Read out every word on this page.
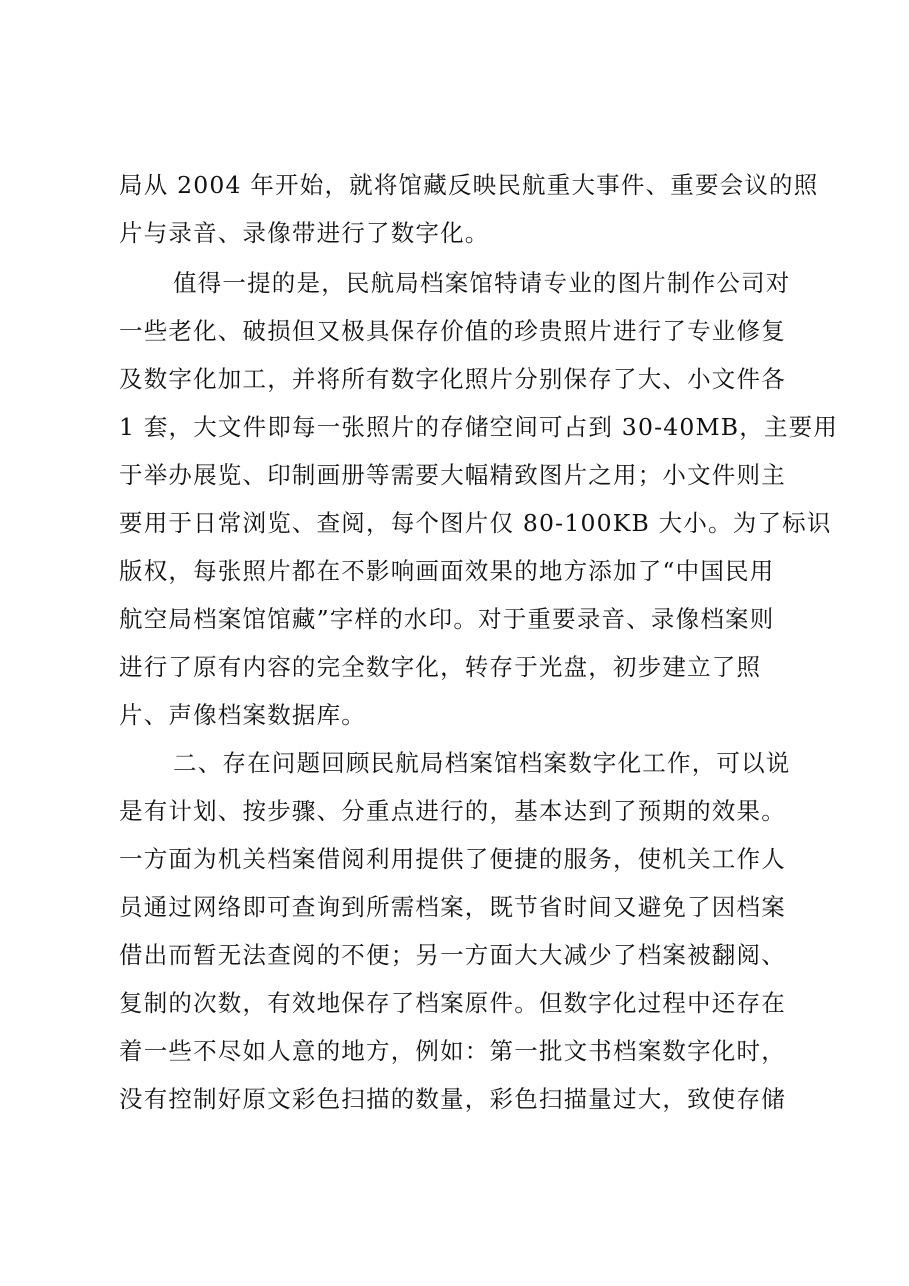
局从 2004 年开始，就将馆藏反映民航重大事件、重要会议的照
片与录音、录像带进行了数字化。
值得一提的是，民航局档案馆特请专业的图片制作公司对
一些老化、破损但又极具保存价值的珍贵照片进行了专业修复
及数字化加工，并将所有数字化照片分别保存了大、小文件各
1 套，大文件即每一张照片的存储空间可占到 30-40MB，主要用
于举办展览、印制画册等需要大幅精致图片之用；小文件则主
要用于日常浏览、查阅，每个图片仅 80-100KB 大小。为了标识
版权，每张照片都在不影响画面效果的地方添加了“中国民用
航空局档案馆馆藏”字样的水印。对于重要录音、录像档案则
进行了原有内容的完全数字化，转存于光盘，初步建立了照
片、声像档案数据库。
二、存在问题回顾民航局档案馆档案数字化工作，可以说
是有计划、按步骤、分重点进行的，基本达到了预期的效果。
一方面为机关档案借阅利用提供了便捷的服务，使机关工作人
员通过网络即可查询到所需档案，既节省时间又避免了因档案
借出而暂无法查阅的不便；另一方面大大减少了档案被翻阅、
复制的次数，有效地保存了档案原件。但数字化过程中还存在
着一些不尽如人意的地方，例如：第一批文书档案数字化时，
没有控制好原文彩色扫描的数量，彩色扫描量过大，致使存储
